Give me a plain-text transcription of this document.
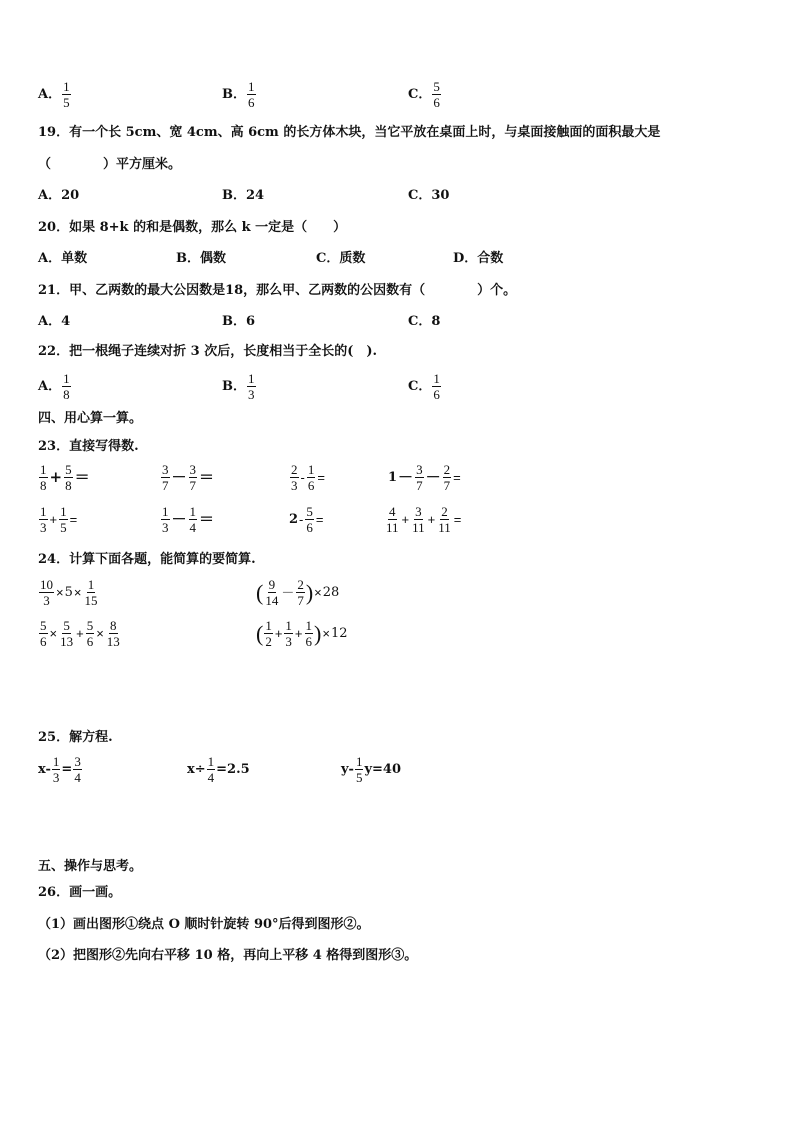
A． $\frac{1}{5}$	B． $\frac{1}{6}$	C． $\frac{5}{6}$
19．有一个长 5cm、宽 4cm、高 6cm 的长方体木块，当它平放在桌面上时，与桌面接触面的面积最大是
（　　　　）平方厘米。
A．20	B．24	C．30
20．如果 8+k 的和是偶数，那么 k 一定是（　　）
A．单数	B．偶数	C．质数	D．合数
21．甲、乙两数的最大公因数是18，那么甲、乙两数的公因数有（　　　　）个。
A．4	B．6	C．8
22．把一根绳子连续对折 3 次后，长度相当于全长的(　).
A． $\frac{1}{8}$	B． $\frac{1}{3}$	C． $\frac{1}{6}$
四、用心算一算。
23．直接写得数.
$\frac{1}{8} + \frac{5}{8}$ ＝	$\frac{3}{7} - \frac{3}{7}$ ＝	$\frac{2}{3} - \frac{1}{6}$ =	$1 - \frac{3}{7} - \frac{2}{7}$ =
$\frac{1}{3} + \frac{1}{5}$ =	$\frac{1}{3} - \frac{1}{4}$ ＝	$2 - \frac{5}{6}$ =	$\frac{4}{11} + \frac{3}{11} + \frac{2}{11}$ =
24．计算下面各题，能简算的要简算.
$\frac{10}{3} \times 5 \times \frac{1}{15}$	( $\frac{9}{14} - \frac{2}{7}$ ) × 28
$\frac{5}{6} \times \frac{5}{13} + \frac{5}{6} \times \frac{8}{13}$	( $\frac{1}{2} + \frac{1}{3} + \frac{1}{6}$ ) × 12
25．解方程.
$x- \frac{1}{3} = \frac{3}{4}$	$x\div \frac{1}{4} =2.5$	$y- \frac{1}{5} y=40$
五、操作与思考。
26．画一画。
（1）画出图形①绕点 O 顺时针旋转 90°后得到图形②。
（2）把图形②先向右平移 10 格，再向上平移 4 格得到图形③。
